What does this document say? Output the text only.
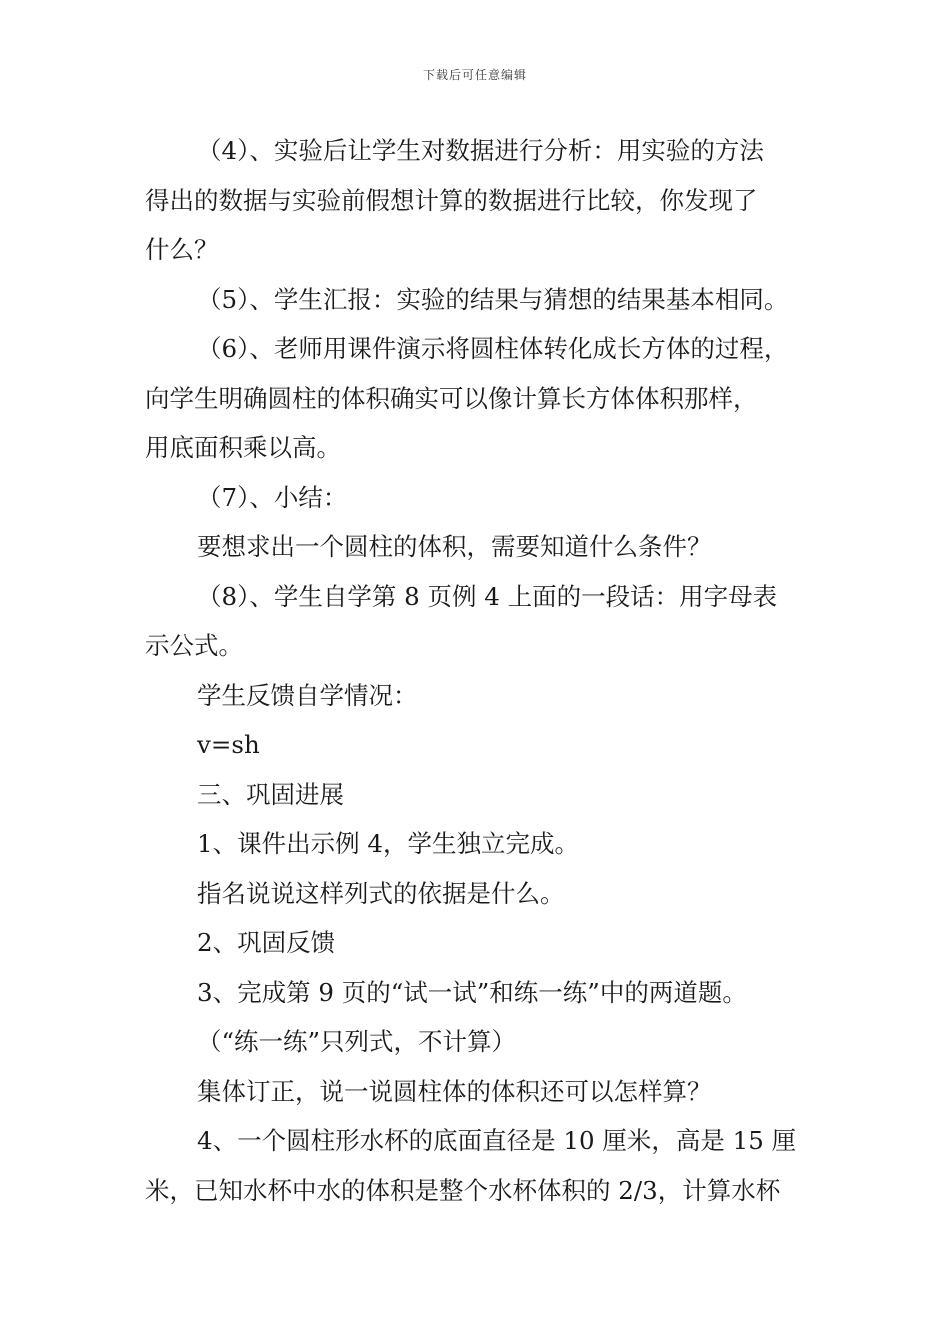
下载后可任意编辑

（4）、实验后让学生对数据进行分析：用实验的方法

得出的数据与实验前假想计算的数据进行比较，你发现了

什么？

（5）、学生汇报：实验的结果与猜想的结果基本相同。

（6）、老师用课件演示将圆柱体转化成长方体的过程，

向学生明确圆柱的体积确实可以像计算长方体体积那样，

用底面积乘以高。

（7）、小结：

要想求出一个圆柱的体积，需要知道什么条件？

（8）、学生自学第 8 页例 4 上面的一段话：用字母表

示公式。

学生反馈自学情况：

v=sh

三、巩固进展

1、课件出示例 4，学生独立完成。

指名说说这样列式的依据是什么。

2、巩固反馈

3、完成第 9 页的“试一试”和练一练”中的两道题。

（“练一练”只列式，不计算）

集体订正，说一说圆柱体的体积还可以怎样算？

4、一个圆柱形水杯的底面直径是 10 厘米，高是 15 厘

米，已知水杯中水的体积是整个水杯体积的 2/3，计算水杯
